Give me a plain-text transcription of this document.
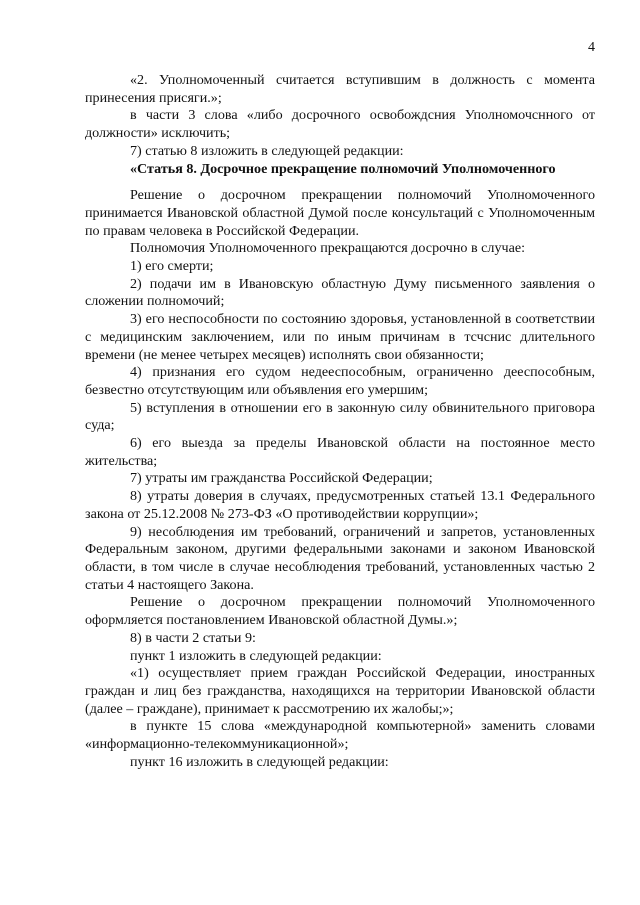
4

«2. Уполномоченный считается вступившим в должность с момента принесения присяги.»;

в части 3 слова «либо досрочного освобождсния Уполномочснного от должности» исключить;

7) статью 8 изложить в следующей редакции:

«Статья 8. Досрочное прекращение полномочий Уполномоченного

Решение о досрочном прекращении полномочий Уполномоченного принимается Ивановской областной Думой после консультаций с Уполномоченным по правам человека в Российской Федерации.

Полномочия Уполномоченного прекращаются досрочно в случае:

1) его смерти;

2) подачи им в Ивановскую областную Думу письменного заявления о сложении полномочий;

3) его неспособности по состоянию здоровья, установленной в соответствии с медицинским заключением, или по иным причинам в тсчснис длительного времени (не менее четырех месяцев) исполнять свои обязанности;

4) признания его судом недееспособным, ограниченно дееспособным, безвестно отсутствующим или объявления его умершим;

5) вступления в отношении его в законную силу обвинительного приговора суда;

6) его выезда за пределы Ивановской области на постоянное место жительства;

7) утраты им гражданства Российской Федерации;

8) утраты доверия в случаях, предусмотренных статьей 13.1 Федерального закона от 25.12.2008 № 273-ФЗ «О противодействии коррупции»;

9) несоблюдения им требований, ограничений и запретов, установленных Федеральным законом, другими федеральными законами и законом Ивановской области, в том числе в случае несоблюдения требований, установленных частью 2 статьи 4 настоящего Закона.

Решение о досрочном прекращении полномочий Уполномоченного оформляется постановлением Ивановской областной Думы.»;

8) в части 2 статьи 9:

пункт 1 изложить в следующей редакции:

«1) осуществляет прием граждан Российской Федерации, иностранных граждан и лиц без гражданства, находящихся на территории Ивановской области (далее – граждане), принимает к рассмотрению их жалобы;»;

в пункте 15 слова «международной компьютерной» заменить словами «информационно-телекоммуникационной»;

пункт 16 изложить в следующей редакции:
